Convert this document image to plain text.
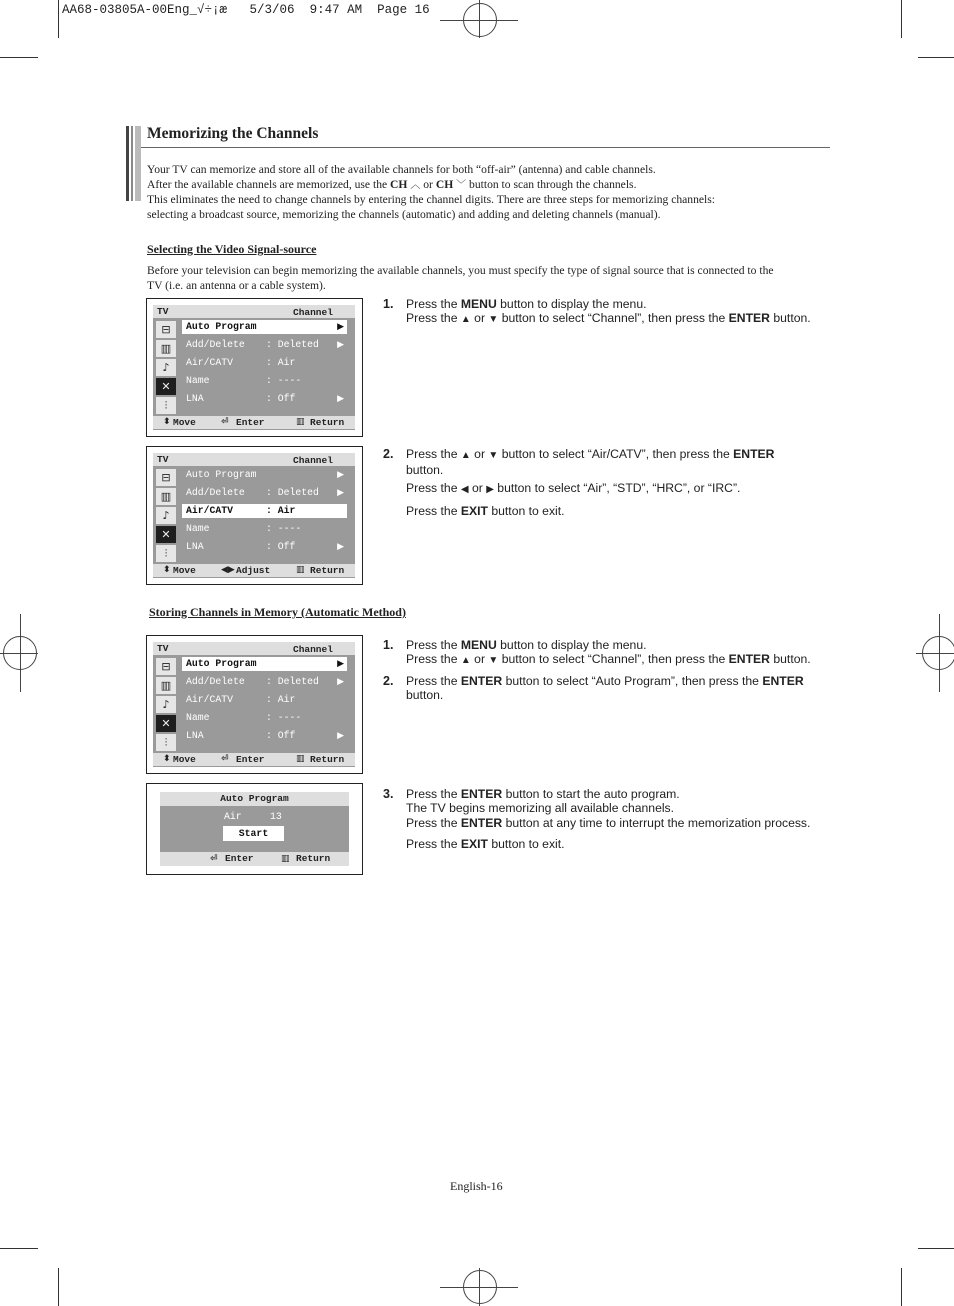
AA68-03805A-00Eng_√÷¡æ 5/3/06 9:47 AM Page 16
Memorizing the Channels
Your TV can memorize and store all of the available channels for both “off-air” (antenna) and cable channels.
After the available channels are memorized, use the CH ︿ or CH ﹀ button to scan through the channels.
This eliminates the need to change channels by entering the channel digits. There are three steps for memorizing channels:
selecting a broadcast source, memorizing the channels (automatic) and adding and deleting channels (manual).
Selecting the Video Signal-source
Before your television can begin memorizing the available channels, you must specify the type of signal source that is connected to the
TV (i.e. an antenna or a cable system).
TV	Channel
⊟
▥
♪
✕
⫶
Auto Program	▶
Add/Delete : Deleted ▶
Air/CATV	: Air
Name	: ----
LNA	: Off	▶
⬍ Move	⏎ Enter	▥ Return
1. Press the MENU button to display the menu.
Press the ▲ or ▼ button to select “Channel”, then press the ENTER button.
TV	Channel
⊟
▥
♪
✕
⫶
Auto Program	▶
Add/Delete : Deleted ▶
Air/CATV	: Air
Name	: ----
LNA	: Off	▶
⬍ Move	◀▶ Adjust	▥ Return
2. Press the ▲ or ▼ button to select “Air/CATV”, then press the ENTER
button.
Press the ◀ or ▶ button to select “Air”, “STD”, “HRC”, or “IRC”.
Press the EXIT button to exit.
Storing Channels in Memory (Automatic Method)
TV	Channel
⊟
▥
♪
✕
⫶
Auto Program	▶
Add/Delete : Deleted ▶
Air/CATV	: Air
Name	: ----
LNA	: Off	▶
⬍ Move	⏎ Enter	▥ Return
1. Press the MENU button to display the menu.
Press the ▲ or ▼ button to select “Channel”, then press the ENTER button.
2. Press the ENTER button to select “Auto Program”, then press the ENTER
button.
Auto Program
Air	13
Start
⏎ Enter	▥ Return
3. Press the ENTER button to start the auto program.
The TV begins memorizing all available channels.
Press the ENTER button at any time to interrupt the memorization process.
Press the EXIT button to exit.
English-16
